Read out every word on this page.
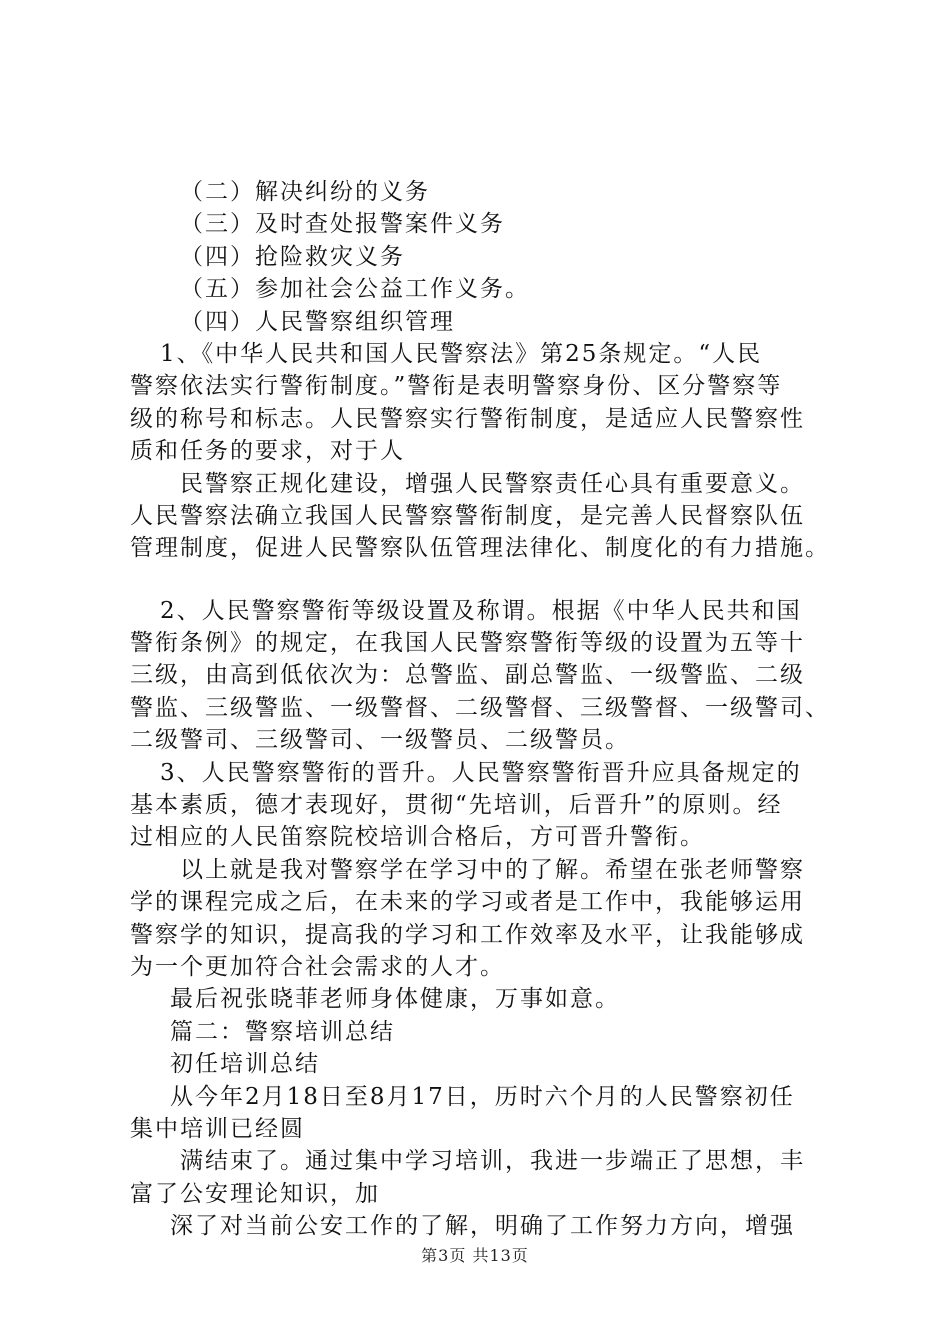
（二）解决纠纷的义务
（三）及时查处报警案件义务
（四）抢险救灾义务
（五）参加社会公益工作义务。
（四）人民警察组织管理
1、《中华人民共和国人民警察法》第25条规定。“人民
警察依法实行警衔制度。”警衔是表明警察身份、区分警察等
级的称号和标志。人民警察实行警衔制度，是适应人民警察性
质和任务的要求，对于人
民警察正规化建设，增强人民警察责任心具有重要意义。
人民警察法确立我国人民警察警衔制度，是完善人民督察队伍
管理制度，促进人民警察队伍管理法律化、制度化的有力措施。
2、人民警察警衔等级设置及称谓。根据《中华人民共和国
警衔条例》的规定，在我国人民警察警衔等级的设置为五等十
三级，由高到低依次为：总警监、副总警监、一级警监、二级
警监、三级警监、一级警督、二级警督、三级警督、一级警司、
二级警司、三级警司、一级警员、二级警员。
3、人民警察警衔的晋升。人民警察警衔晋升应具备规定的
基本素质，德才表现好，贯彻“先培训，后晋升”的原则。经
过相应的人民笛察院校培训合格后，方可晋升警衔。
以上就是我对警察学在学习中的了解。希望在张老师警察
学的课程完成之后，在未来的学习或者是工作中，我能够运用
警察学的知识，提高我的学习和工作效率及水平，让我能够成
为一个更加符合社会需求的人才。
最后祝张晓菲老师身体健康，万事如意。
篇二：警察培训总结
初任培训总结
从今年2月18日至8月17日，历时六个月的人民警察初任
集中培训已经圆
满结束了。通过集中学习培训，我进一步端正了思想，丰
富了公安理论知识，加
深了对当前公安工作的了解，明确了工作努力方向，增强
第3页 共13页
